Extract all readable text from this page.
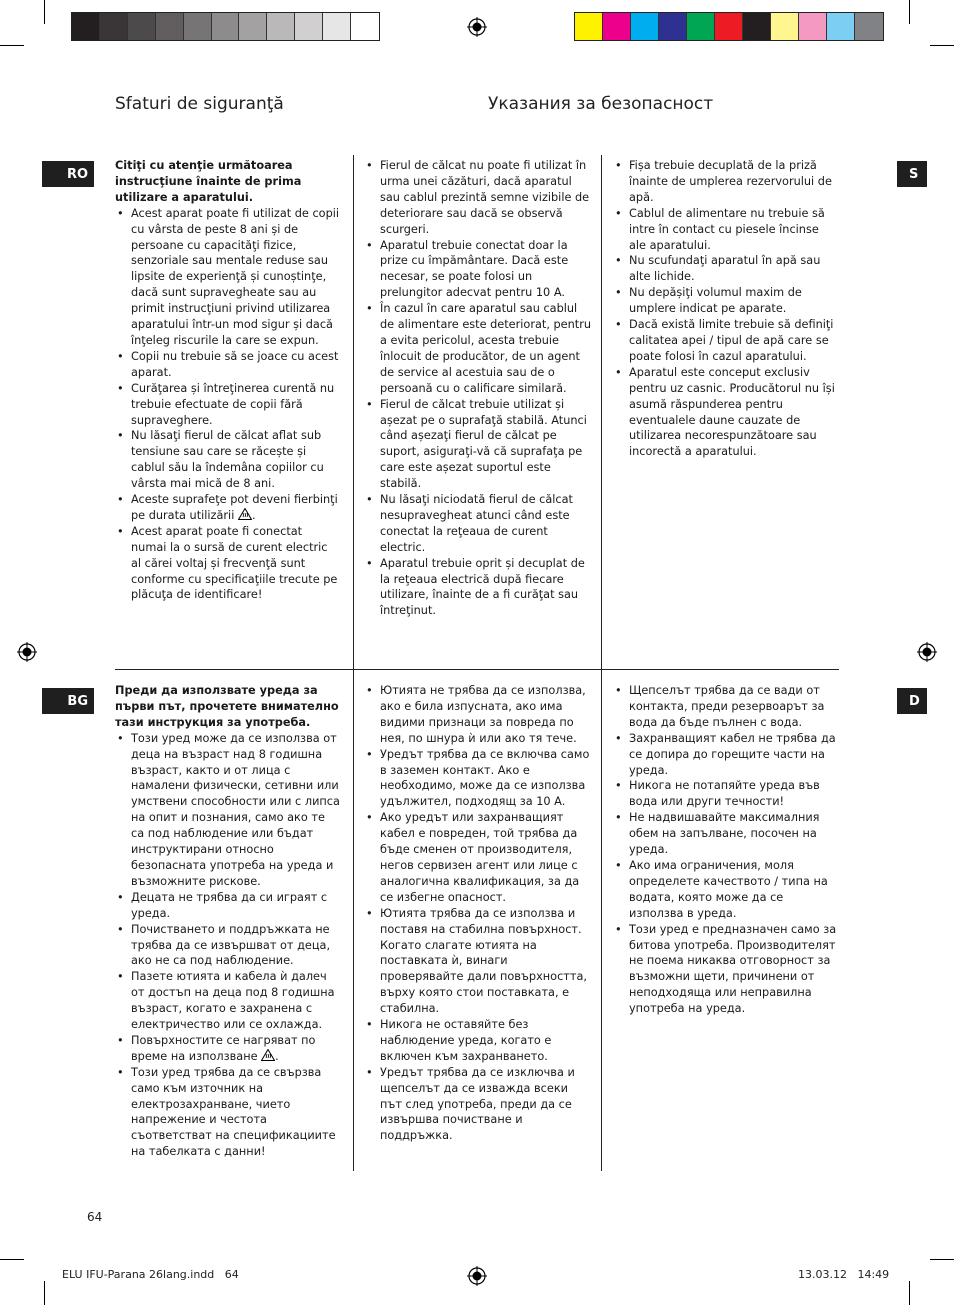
Sfaturi de siguranţă	Указания за безопасност
RO
BG
S
D

Citiţi cu atenţie următoarea instrucţiune înainte de prima utilizare a aparatului.

• Acest aparat poate fi utilizat de copii cu vârsta de peste 8 ani și de persoane cu capacităţi fizice, senzoriale sau mentale reduse sau lipsite de experienţă și cunoștinţe, dacă sunt supravegheate sau au primit instrucţiuni privind utilizarea aparatului într-un mod sigur și dacă înţeleg riscurile la care se expun.
• Copii nu trebuie să se joace cu acest aparat.
• Curăţarea și întreţinerea curentă nu trebuie efectuate de copii fără supraveghere.
• Nu lăsaţi fierul de călcat aflat sub tensiune sau care se răcește și cablul său la îndemâna copiilor cu vârsta mai mică de 8 ani.
• Aceste suprafeţe pot deveni fierbinţi pe durata utilizării .
• Acest aparat poate fi conectat numai la o sursă de curent electric al cărei voltaj și frecvenţă sunt conforme cu specificaţiile trecute pe plăcuţa de identificare!
• Fierul de călcat nu poate fi utilizat în urma unei căzături, dacă aparatul sau cablul prezintă semne vizibile de deteriorare sau dacă se observă scurgeri.
• Aparatul trebuie conectat doar la prize cu împământare. Dacă este necesar, se poate folosi un prelungitor adecvat pentru 10 A.
• În cazul în care aparatul sau cablul de alimentare este deteriorat, pentru a evita pericolul, acesta trebuie înlocuit de producător, de un agent de service al acestuia sau de o persoană cu o calificare similară.
• Fierul de călcat trebuie utilizat și așezat pe o suprafaţă stabilă. Atunci când așezaţi fierul de călcat pe suport, asiguraţi-vă că suprafaţa pe care este așezat suportul este stabilă.
• Nu lăsaţi niciodată fierul de călcat nesupravegheat atunci când este conectat la reţeaua de curent electric.
• Aparatul trebuie oprit și decuplat de la reţeaua electrică după fiecare utilizare, înainte de a fi curăţat sau întreţinut.
• Fișa trebuie decuplată de la priză înainte de umplerea rezervorului de apă.
• Cablul de alimentare nu trebuie să intre în contact cu piesele încinse ale aparatului.
• Nu scufundaţi aparatul în apă sau alte lichide.
• Nu depășiţi volumul maxim de umplere indicat pe aparate.
• Dacă există limite trebuie să definiţi calitatea apei / tipul de apă care se poate folosi în cazul aparatului.
• Aparatul este conceput exclusiv pentru uz casnic. Producătorul nu își asumă răspunderea pentru eventualele daune cauzate de utilizarea necorespunzătoare sau incorectă a aparatului.

Преди да използвате уреда за първи път, прочетете внимателно тази инструкция за употреба.

• Този уред може да се използва от деца на възраст над 8 годишна възраст, както и от лица с намалени физически, сетивни или умствени способности или с липса на опит и познания, само ако те са под наблюдение или бъдат инструктирани относно безопасната употреба на уреда и възможните рискове.
• Децата не трябва да си играят с уреда.
• Почистването и поддръжката не трябва да се извършват от деца, ако не са под наблюдение.
• Пазете ютията и кабела ѝ далеч от достъп на деца под 8 годишна възраст, когато е захранена с електричество или се охлажда.
• Повърхностите се нагряват по време на използване .
• Този уред трябва да се свързва само към източник на електрозахранване, чието напрежение и честота съответстват на спецификациите на табелката с данни!
• Ютията не трябва да се използва, ако е била изпусната, ако има видими признаци за повреда по нея, по шнура ѝ или ако тя тече.
• Уредът трябва да се включва само в заземен контакт. Ако е необходимо, може да се използва удължител, подходящ за 10 A.
• Ако уредът или захранващият кабел е повреден, той трябва да бъде сменен от производителя, негов сервизен агент или лице с аналогична квалификация, за да се избегне опасност.
• Ютията трябва да се използва и поставя на стабилна повърхност. Когато слагате ютията на поставката ѝ, винаги проверявайте дали повърхността, върху която стои поставката, е стабилна.
• Никога не оставяйте без наблюдение уреда, когато е включен към захранването.
• Уредът трябва да се изключва и щепселът да се изважда всеки път след употреба, преди да се извършва почистване и поддръжка.
• Щепселът трябва да се вади от контакта, преди резервоарът за вода да бъде пълнен с вода.
• Захранващият кабел не трябва да се допира до горещите части на уреда.
• Никога не потапяйте уреда във вода или други течности!
• Не надвишавайте максималния обем на запълване, посочен на уреда.
• Ако има ограничения, моля определете качеството / типа на водата, която може да се използва в уреда.
• Този уред е предназначен само за битова употреба. Производителят не поема никаква отговорност за възможни щети, причинени от неподходяща или неправилна употреба на уреда.
64
ELU IFU-Parana 26lang.indd   64	13.03.12   14:49
